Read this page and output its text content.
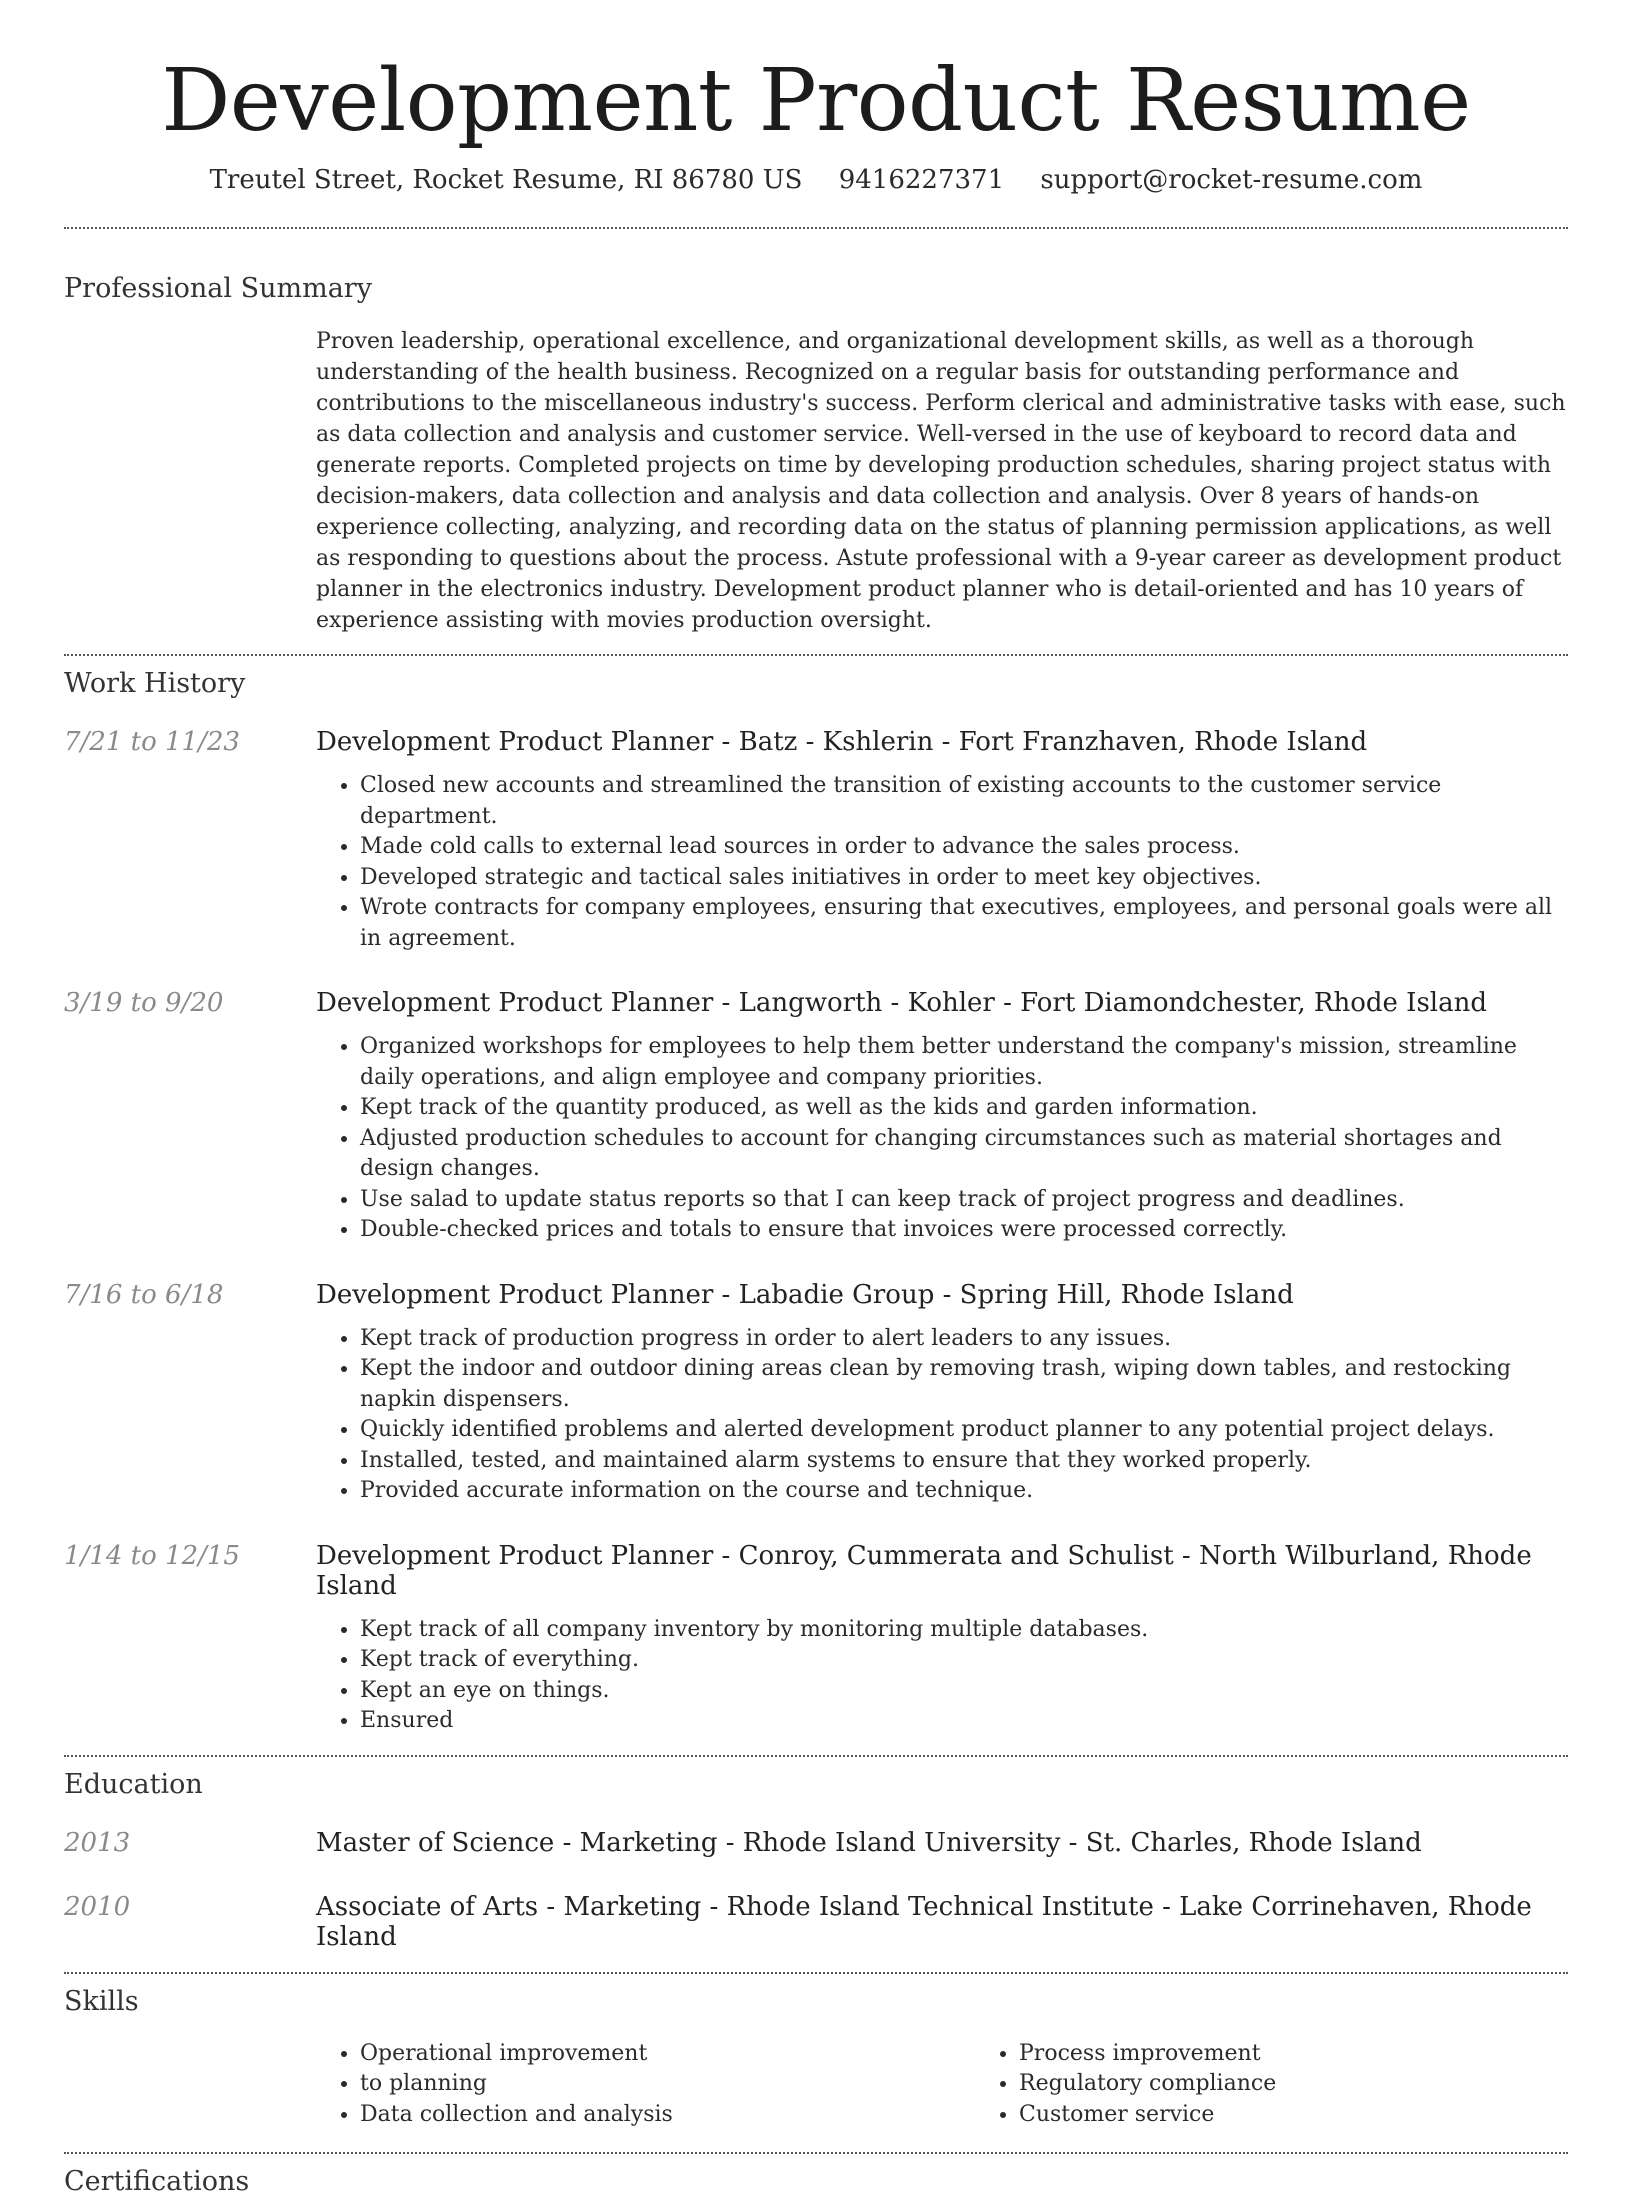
Development Product Resume
Treutel Street, Rocket Resume, RI 86780 US 9416227371 support@rocket-resume.com
Professional Summary

Proven leadership, operational excellence, and organizational development skills, as well as a thorough understanding of the health business. Recognized on a regular basis for outstanding performance and contributions to the miscellaneous industry's success. Perform clerical and administrative tasks with ease, such as data collection and analysis and customer service. Well-versed in the use of keyboard to record data and generate reports. Completed projects on time by developing production schedules, sharing project status with decision-makers, data collection and analysis and data collection and analysis. Over 8 years of hands-on experience collecting, analyzing, and recording data on the status of planning permission applications, as well as responding to questions about the process. Astute professional with a 9-year career as development product planner in the electronics industry. Development product planner who is detail-oriented and has 10 years of experience assisting with movies production oversight.

Work History
7/21 to 11/23	Development Product Planner - Batz - Kshlerin - Fort Franzhaven, Rhode Island
• Closed new accounts and streamlined the transition of existing accounts to the customer service department.
• Made cold calls to external lead sources in order to advance the sales process.
• Developed strategic and tactical sales initiatives in order to meet key objectives.
• Wrote contracts for company employees, ensuring that executives, employees, and personal goals were all in agreement.
3/19 to 9/20	Development Product Planner - Langworth - Kohler - Fort Diamondchester, Rhode Island
• Organized workshops for employees to help them better understand the company's mission, streamline daily operations, and align employee and company priorities.
• Kept track of the quantity produced, as well as the kids and garden information.
• Adjusted production schedules to account for changing circumstances such as material shortages and design changes.
• Use salad to update status reports so that I can keep track of project progress and deadlines.
• Double-checked prices and totals to ensure that invoices were processed correctly.
7/16 to 6/18	Development Product Planner - Labadie Group - Spring Hill, Rhode Island
• Kept track of production progress in order to alert leaders to any issues.
• Kept the indoor and outdoor dining areas clean by removing trash, wiping down tables, and restocking napkin dispensers.
• Quickly identified problems and alerted development product planner to any potential project delays.
• Installed, tested, and maintained alarm systems to ensure that they worked properly.
• Provided accurate information on the course and technique.
1/14 to 12/15	Development Product Planner - Conroy, Cummerata and Schulist - North Wilburland, Rhode Island
• Kept track of all company inventory by monitoring multiple databases.
• Kept track of everything.
• Kept an eye on things.
• Ensured
Education
2013	Master of Science - Marketing - Rhode Island University - St. Charles, Rhode Island
2010	Associate of Arts - Marketing - Rhode Island Technical Institute - Lake Corrinehaven, Rhode Island
Skills
• Operational improvement
• to planning
• Data collection and analysis
• Process improvement
• Regulatory compliance
• Customer service
Certifications
